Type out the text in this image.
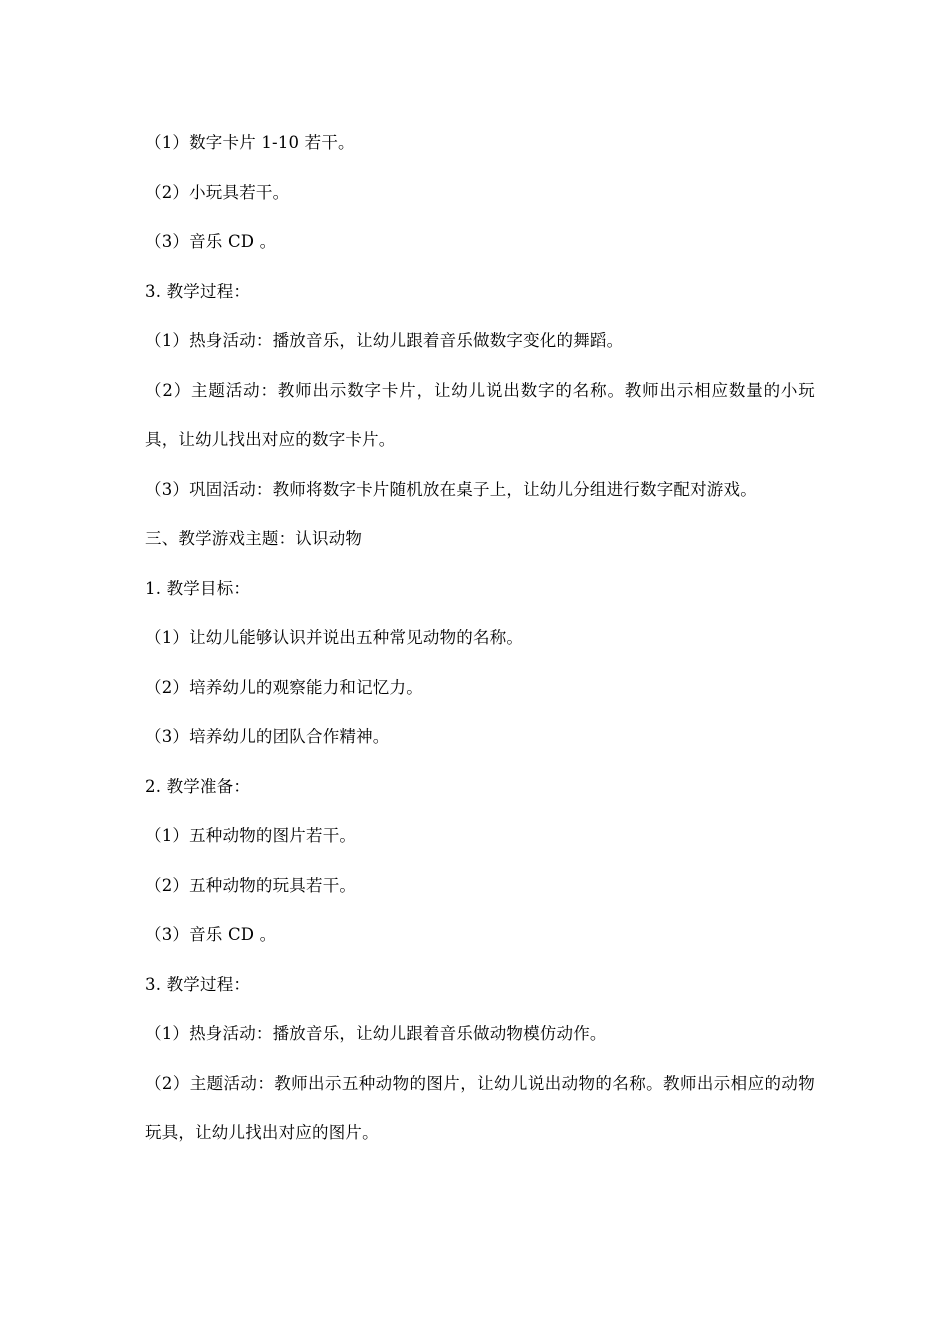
（1）数字卡片 1-10 若干。

（2）小玩具若干。

（3）音乐 CD 。

3. 教学过程：

（1）热身活动：播放音乐，让幼儿跟着音乐做数字变化的舞蹈。

（2）主题活动：教师出示数字卡片，让幼儿说出数字的名称。教师出示相应数量的小玩具，让幼儿找出对应的数字卡片。

（3）巩固活动：教师将数字卡片随机放在桌子上，让幼儿分组进行数字配对游戏。

三、教学游戏主题：认识动物

1. 教学目标：

（1）让幼儿能够认识并说出五种常见动物的名称。

（2）培养幼儿的观察能力和记忆力。

（3）培养幼儿的团队合作精神。

2. 教学准备：

（1）五种动物的图片若干。

（2）五种动物的玩具若干。

（3）音乐 CD 。

3. 教学过程：

（1）热身活动：播放音乐，让幼儿跟着音乐做动物模仿动作。

（2）主题活动：教师出示五种动物的图片，让幼儿说出动物的名称。教师出示相应的动物玩具，让幼儿找出对应的图片。
